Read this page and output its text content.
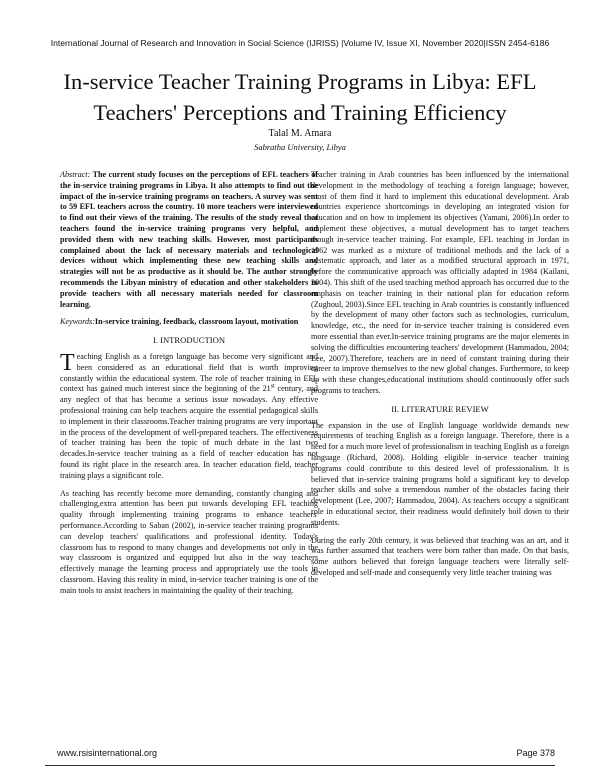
International Journal of Research and Innovation in Social Science (IJRISS) |Volume IV, Issue XI, November 2020|ISSN 2454-6186
In-service Teacher Training Programs in Libya: EFL
Teachers' Perceptions and Training Efficiency
Talal M. Amara
Sabratha University, Libya

Abstract: The current study focuses on the perceptions of EFL teachers of the in-service training programs in Libya. It also attempts to find out the impact of the in-service training programs on teachers. A survey was sent to 59 EFL teachers across the country. 10 more teachers were interviewed to find out their views of the training. The results of the study reveal that teachers found the in-service training programs very helpful, and provided them with new teaching skills. However, most participants complained about the lack of necessary materials and technological devices without which implementing these new teaching skills and strategies will not be as productive as it should be. The author strongly recommends the Libyan ministry of education and other stakeholders to provide teachers with all necessary materials needed for classroom learning.

Keywords:In-service training, feedback, classroom layout, motivation

I. INTRODUCTION

Teaching English as a foreign language has become very significant and been considered as an educational field that is worth improving constantly within the educational system. The role of teacher training in EFL context has gained much interest since the beginning of the 21st century, and any neglect of that has become a serious issue nowadays. Any effective professional training can help teachers acquire the essential pedagogical skills to implement in their classrooms.Teacher training programs are very important in the process of the development of well-prepared teachers. The effectiveness of teacher training has been the topic of much debate in the last two decades.In-service teacher training as a field of teacher education has not found its right place in the research area. In teacher education field, teacher training plays a significant role.

As teaching has recently become more demanding, constantly changing and challenging,extra attention has been put towards developing EFL teaching quality through implementing training programs to enhance teachers' performance.According to Saban (2002), in-service teacher training programs can develop teachers' qualifications and professional identity. Today's classroom has to respond to many changes and developments not only in the way classroom is organized and equipped but also in the way teachers effectively manage the learning process and appropriately use the tools in classroom. Having this reality in mind, in-service teacher training is one of the main tools to assist teachers in maintaining the quality of their teaching.

Teacher training in Arab countries has been influenced by the international development in the methodology of teaching a foreign language; however, most of them find it hard to implement this educational development. Arab countries experience shortcomings in developing an integrated vision for education and on how to implement its objectives (Yamani, 2006).In order to implement these objectives, a mutual development has to target teachers though in-service teacher training. For example, EFL teaching in Jordan in 1962 was marked as a mixture of traditional methods and the lack of a systematic approach, and later as a modified structural approach in 1971, before the communicative approach was officially adapted in 1984 (Kailani, 2004). This shift of the used teaching method approach has occurred due to the emphasis on teacher training in their national plan for education reform (Zughoul, 2003).Since EFL teaching in Arab countries is constantly influenced by the development of many other factors such as technologies, curriculum, knowledge, etc., the need for in-service teacher training is considered even more essential than ever.In-service training programs are the major elements in solving the difficulties encountering teachers' development (Hammadou, 2004; Lee, 2007).Therefore, teachers are in need of constant training during their career to improve themselves to the new global changes. Furthermore, to keep up with these changes,educational institutions should continuously offer such programs to teachers.

II. LITERATURE REVIEW

The expansion in the use of English language worldwide demands new requirements of teaching English as a foreign language. Therefore, there is a need for a much more level of professionalism in teaching English as a foreign language (Richard, 2008). Holding eligible in-service teacher training programs could contribute to this desired level of professionalism. It is believed that in-service training programs hold a significant key to develop teacher skills and solve a tremendous number of the obstacles facing their development (Lee, 2007; Hammadou, 2004). As teachers occupy a significant role in educational sector, their readiness would definitely boil down to their students.

During the early 20th century, it was believed that teaching was an art, and it was further assumed that teachers were born rather than made. On that basis, some authors believed that foreign language teachers were literally self-developed and self-made and consequently very little teacher training was

www.rsisinternational.org	Page 378
